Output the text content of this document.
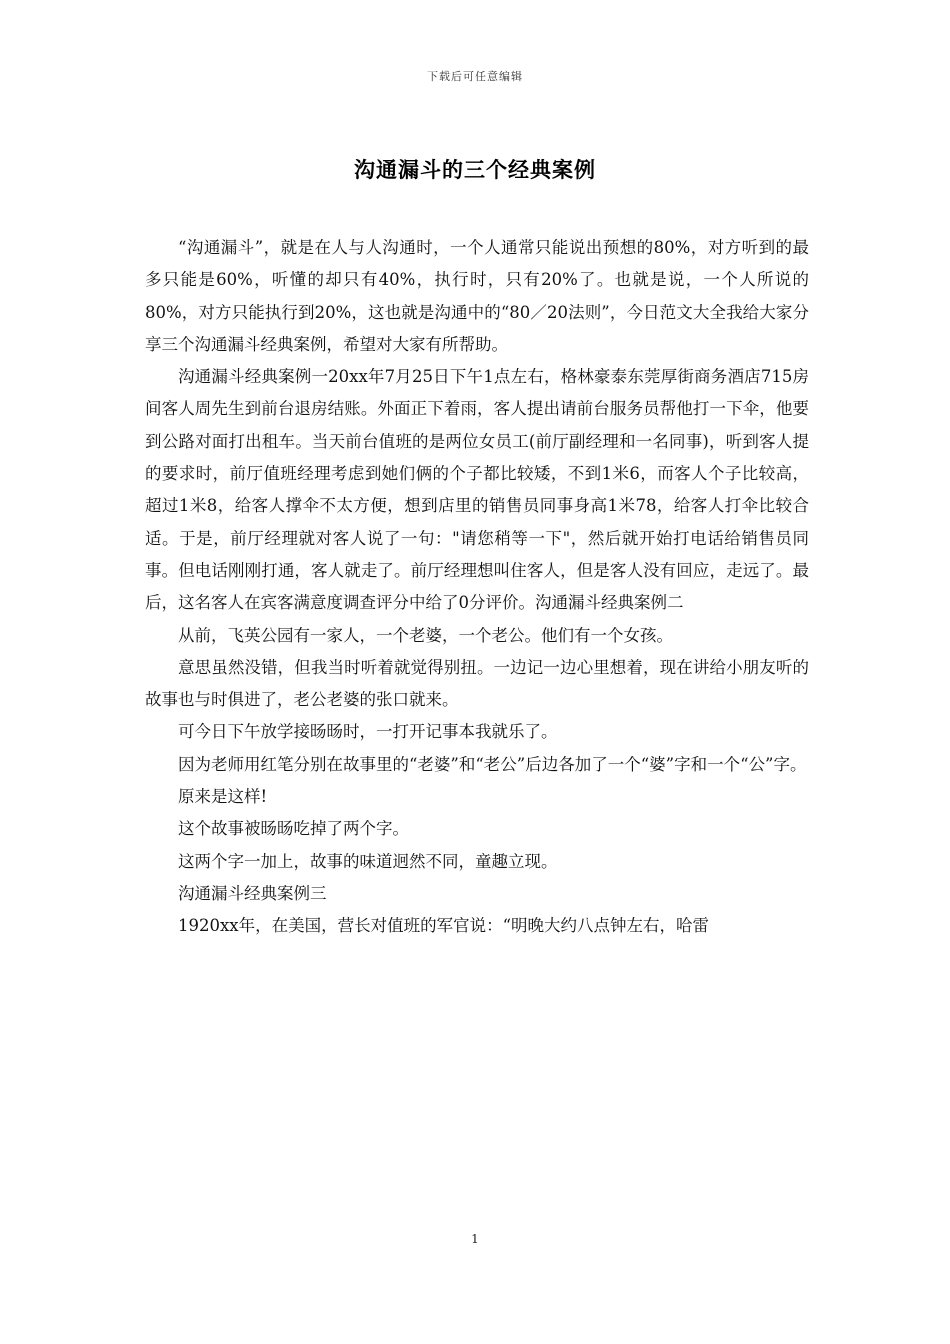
下载后可任意编辑
沟通漏斗的三个经典案例

“沟通漏斗”，就是在人与人沟通时，一个人通常只能说出预想的80%，对方听到的最多只能是60%，听懂的却只有40%，执行时，只有20%了。也就是说，一个人所说的80%，对方只能执行到20%，这也就是沟通中的“80／20法则”，今日范文大全我给大家分享三个沟通漏斗经典案例，希望对大家有所帮助。

沟通漏斗经典案例一20xx年7月25日下午1点左右，格林豪泰东莞厚街商务酒店715房间客人周先生到前台退房结账。外面正下着雨，客人提出请前台服务员帮他打一下伞，他要到公路对面打出租车。当天前台值班的是两位女员工(前厅副经理和一名同事)，听到客人提的要求时，前厅值班经理考虑到她们俩的个子都比较矮，不到1米6，而客人个子比较高，超过1米8，给客人撑伞不太方便，想到店里的销售员同事身高1米78，给客人打伞比较合适。于是，前厅经理就对客人说了一句："请您稍等一下"，然后就开始打电话给销售员同事。但电话刚刚打通，客人就走了。前厅经理想叫住客人，但是客人没有回应，走远了。最后，这名客人在宾客满意度调查评分中给了0分评价。沟通漏斗经典案例二

从前，飞英公园有一家人，一个老婆，一个老公。他们有一个女孩。

意思虽然没错，但我当时听着就觉得别扭。一边记一边心里想着，现在讲给小朋友听的故事也与时俱进了，老公老婆的张口就来。

可今日下午放学接旸旸时，一打开记事本我就乐了。

因为老师用红笔分别在故事里的“老婆”和“老公”后边各加了一个“婆”字和一个“公”字。

原来是这样!

这个故事被旸旸吃掉了两个字。

这两个字一加上，故事的味道迥然不同，童趣立现。

沟通漏斗经典案例三

1920xx年，在美国，营长对值班的军官说：“明晚大约八点钟左右，哈雷

1
